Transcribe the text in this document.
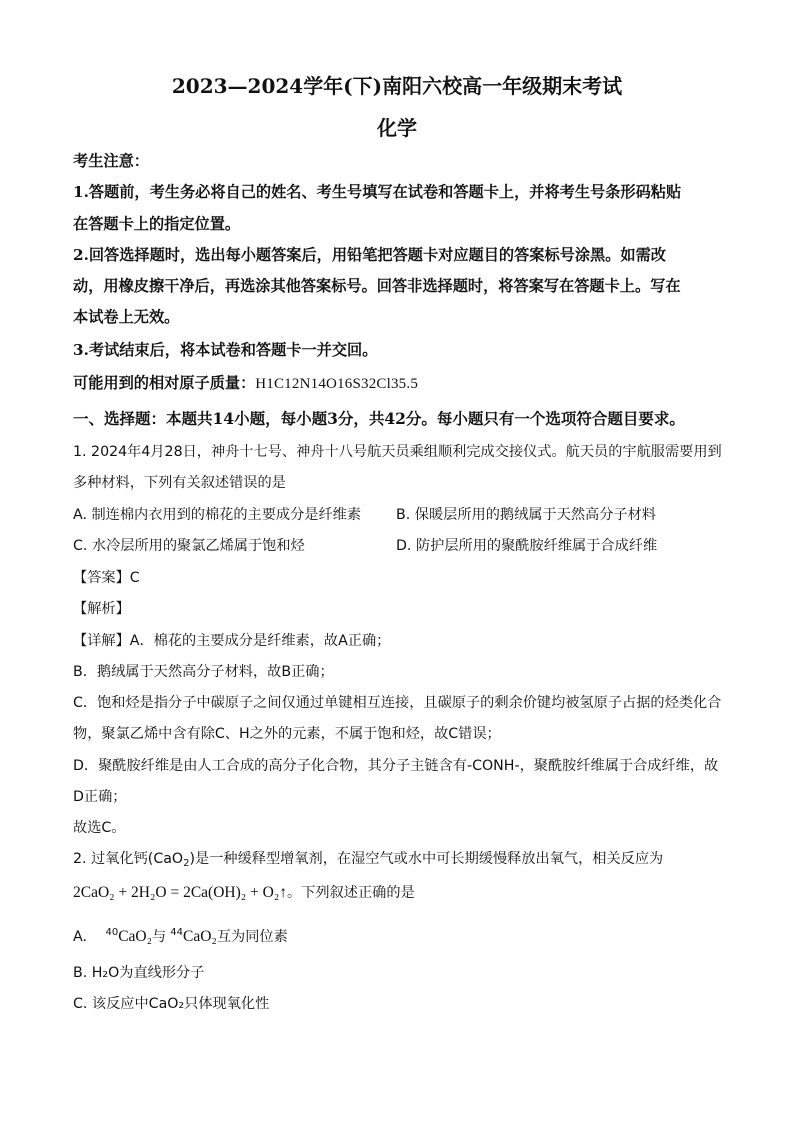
2023—2024学年(下)南阳六校高一年级期末考试
化学
考生注意：
1.答题前，考生务必将自己的姓名、考生号填写在试卷和答题卡上，并将考生号条形码粘贴
在答题卡上的指定位置。
2.回答选择题时，选出每小题答案后，用铅笔把答题卡对应题目的答案标号涂黑。如需改
动，用橡皮擦干净后，再选涂其他答案标号。回答非选择题时，将答案写在答题卡上。写在
本试卷上无效。
3.考试结束后，将本试卷和答题卡一并交回。
可能用到的相对原子质量：H1C12N14O16S32Cl35.5
一、选择题：本题共14小题，每小题3分，共42分。每小题只有一个选项符合题目要求。
1. 2024年4月28日，神舟十七号、神舟十八号航天员乘组顺利完成交接仪式。航天员的宇航服需要用到
多种材料，下列有关叙述错误的是
A. 制连棉内衣用到的棉花的主要成分是纤维素 B. 保暖层所用的鹅绒属于天然高分子材料
C. 水冷层所用的聚氯乙烯属于饱和烃	D. 防护层所用的聚酰胺纤维属于合成纤维
【答案】C
【解析】
【详解】A．棉花的主要成分是纤维素，故A正确；
B．鹅绒属于天然高分子材料，故B正确；
C．饱和烃是指分子中碳原子之间仅通过单键相互连接，且碳原子的剩余价键均被氢原子占据的烃类化合
物，聚氯乙烯中含有除C、H之外的元素，不属于饱和烃，故C错误；
D．聚酰胺纤维是由人工合成的高分子化合物，其分子主链含有-CONH-，聚酰胺纤维属于合成纤维，故
D正确；
故选C。
2. 过氧化钙(CaO$_2$)是一种缓释型增氧剂，在湿空气或水中可长期缓慢释放出氧气，相关反应为
2CaO₂ + 2H₂O = 2Ca(OH)₂ + O₂↑。下列叙述正确的是
A. $^{40}$CaO₂与 $^{44}$CaO₂互为同位素
B. H₂O为直线形分子
C. 该反应中CaO₂只体现氧化性
